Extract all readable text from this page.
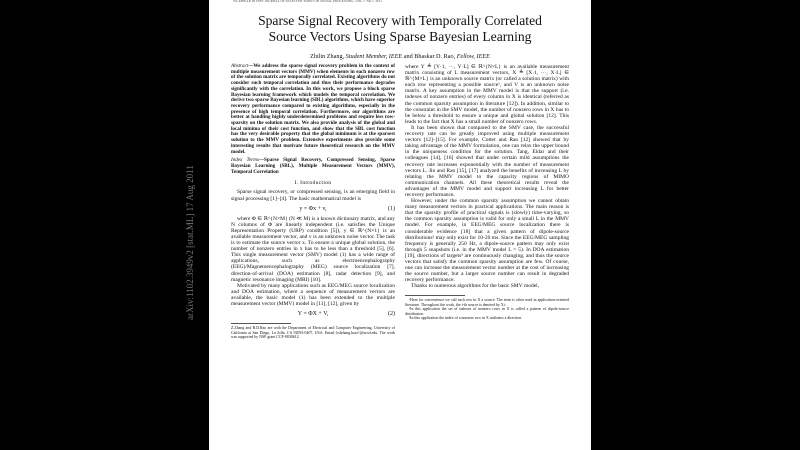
TO APPEAR IN IEEE JOURNAL OF SELECTED TOPICS IN SIGNAL PROCESSING, VOL.?, NO.?, 2011
arXiv:1102.3949v2 [stat.ML] 17 Aug 2011
Sparse Signal Recovery with Temporally Correlated
Source Vectors Using Sparse Bayesian Learning
Zhilin Zhang, Student Member, IEEE and Bhaskar D. Rao, Fellow, IEEE
Abstract—We address the sparse signal recovery problem in the context of multiple measurement vectors (MMV) when elements in each nonzero row of the solution matrix are temporally correlated. Existing algorithms do not consider such temporal correlation and thus their performance degrades significantly with the correlation. In this work, we propose a block sparse Bayesian learning framework which models the temporal correlation. We derive two sparse Bayesian learning (SBL) algorithms, which have superior recovery performance compared to existing algorithms, especially in the presence of high temporal correlation. Furthermore, our algorithms are better at handling highly underdetermined problems and require less row-sparsity on the solution matrix. We also provide analysis of the global and local minima of their cost function, and show that the SBL cost function has the very desirable property that the global minimum is at the sparsest solution to the MMV problem. Extensive experiments also provide some interesting results that motivate future theoretical research on the MMV model.
Index Terms—Sparse Signal Recovery, Compressed Sensing, Sparse Bayesian Learning (SBL), Multiple Measurement Vectors (MMV), Temporal Correlation
I. Introduction

Sparse signal recovery, or compressed sensing, is an emerging field in signal processing [1]–[4]. The basic mathematical model is

y = Φx + v,	(1)

where Φ ∈ ℝ^{N×M} (N ≪ M) is a known dictionary matrix, and any N columns of Φ are linearly independent (i.e. satisfies the Unique Representation Property (URP) condition [5]), y ∈ ℝ^{N×1} is an available measurement vector, and v is an unknown noise vector. The task is to estimate the source vector x. To ensure a unique global solution, the number of nonzero entries in x has to be less than a threshold [5], [6]. This single measurement vector (SMV) model (1) has a wide range of applications, such as electroencephalography (EEG)/Magnetoencephalography (MEG) source localization [7], direction-of-arrival (DOA) estimation [8], radar detection [9], and magnetic resonance imaging (MRI) [10].

Motivated by many applications such as EEG/MEG source localization and DOA estimation, where a sequence of measurement vectors are available, the basic model (1) has been extended to the multiple measurement vector (MMV) model in [11], [12], given by

Y = ΦX + V,	(2)
Z.Zhang and B.D.Rao are with the Department of Electrical and Computer Engineering, University of California at San Diego, La Jolla, CA 92093-0407, USA. Email:{z4zhang,brao}@ucsd.edu. The work was supported by NSF grant CCF-0830612.

where Y ≜ [Y·1, ···, Y·L] ∈ ℝ^{N×L} is an available measurement matrix consisting of L measurement vectors, X ≜ [X·1, ···, X·L] ∈ ℝ^{M×L} is an unknown source matrix (or called a solution matrix) with each row representing a possible source¹, and V is an unknown noise matrix. A key assumption in the MMV model is that the support (i.e. indexes of nonzero entries) of every column in X is identical (referred as the common sparsity assumption in literature [12]). In addition, similar to the constraint in the SMV model, the number of nonzero rows in X has to be below a threshold to ensure a unique and global solution [12]. This leads to the fact that X has a small number of nonzero rows.

It has been shown that compared to the SMV case, the successful recovery rate can be greatly improved using multiple measurement vectors [12]–[15]. For example, Cotter and Rao [12] showed that by taking advantage of the MMV formulation, one can relax the upper bound in the uniqueness condition for the solution. Tang, Eldar and their colleagues [14], [16] showed that under certain mild assumptions the recovery rate increases exponentially with the number of measurement vectors L. Jin and Rao [15], [17] analyzed the benefits of increasing L by relating the MMV model to the capacity regions of MIMO communication channels. All these theoretical results reveal the advantages of the MMV model and support increasing L for better recovery performance.

However, under the common sparsity assumption we cannot obtain many measurement vectors in practical applications. The main reason is that the sparsity profile of practical signals is (slowly) time-varying, so the common sparsity assumption is valid for only a small L in the MMV model. For example, in EEG/MEG source localization there is considerable evidence [18] that a given pattern of dipole-source distributions² may only exist for 10-20 ms. Since the EEG/MEG sampling frequency is generally 250 Hz, a dipole-source pattern may only exist through 5 snapshots (i.e. in the MMV model L = 5). In DOA estimation [19], directions of targets³ are continuously changing, and thus the source vectors that satisfy the common sparsity assumption are few. Of course, one can increase the measurement vector number at the cost of increasing the source number, but a larger source number can result in degraded recovery performance.

Thanks to numerous algorithms for the basic SMV model,

¹Here for convenience we call each row in X a source. The term is often used in application-oriented literature. Throughout the work, the i-th source is denoted by Xi·.

²In this application the set of indexes of nonzero rows in X is called a pattern of dipole-source distribution.

³In this application the index of a nonzero row in X indicates a direction.
